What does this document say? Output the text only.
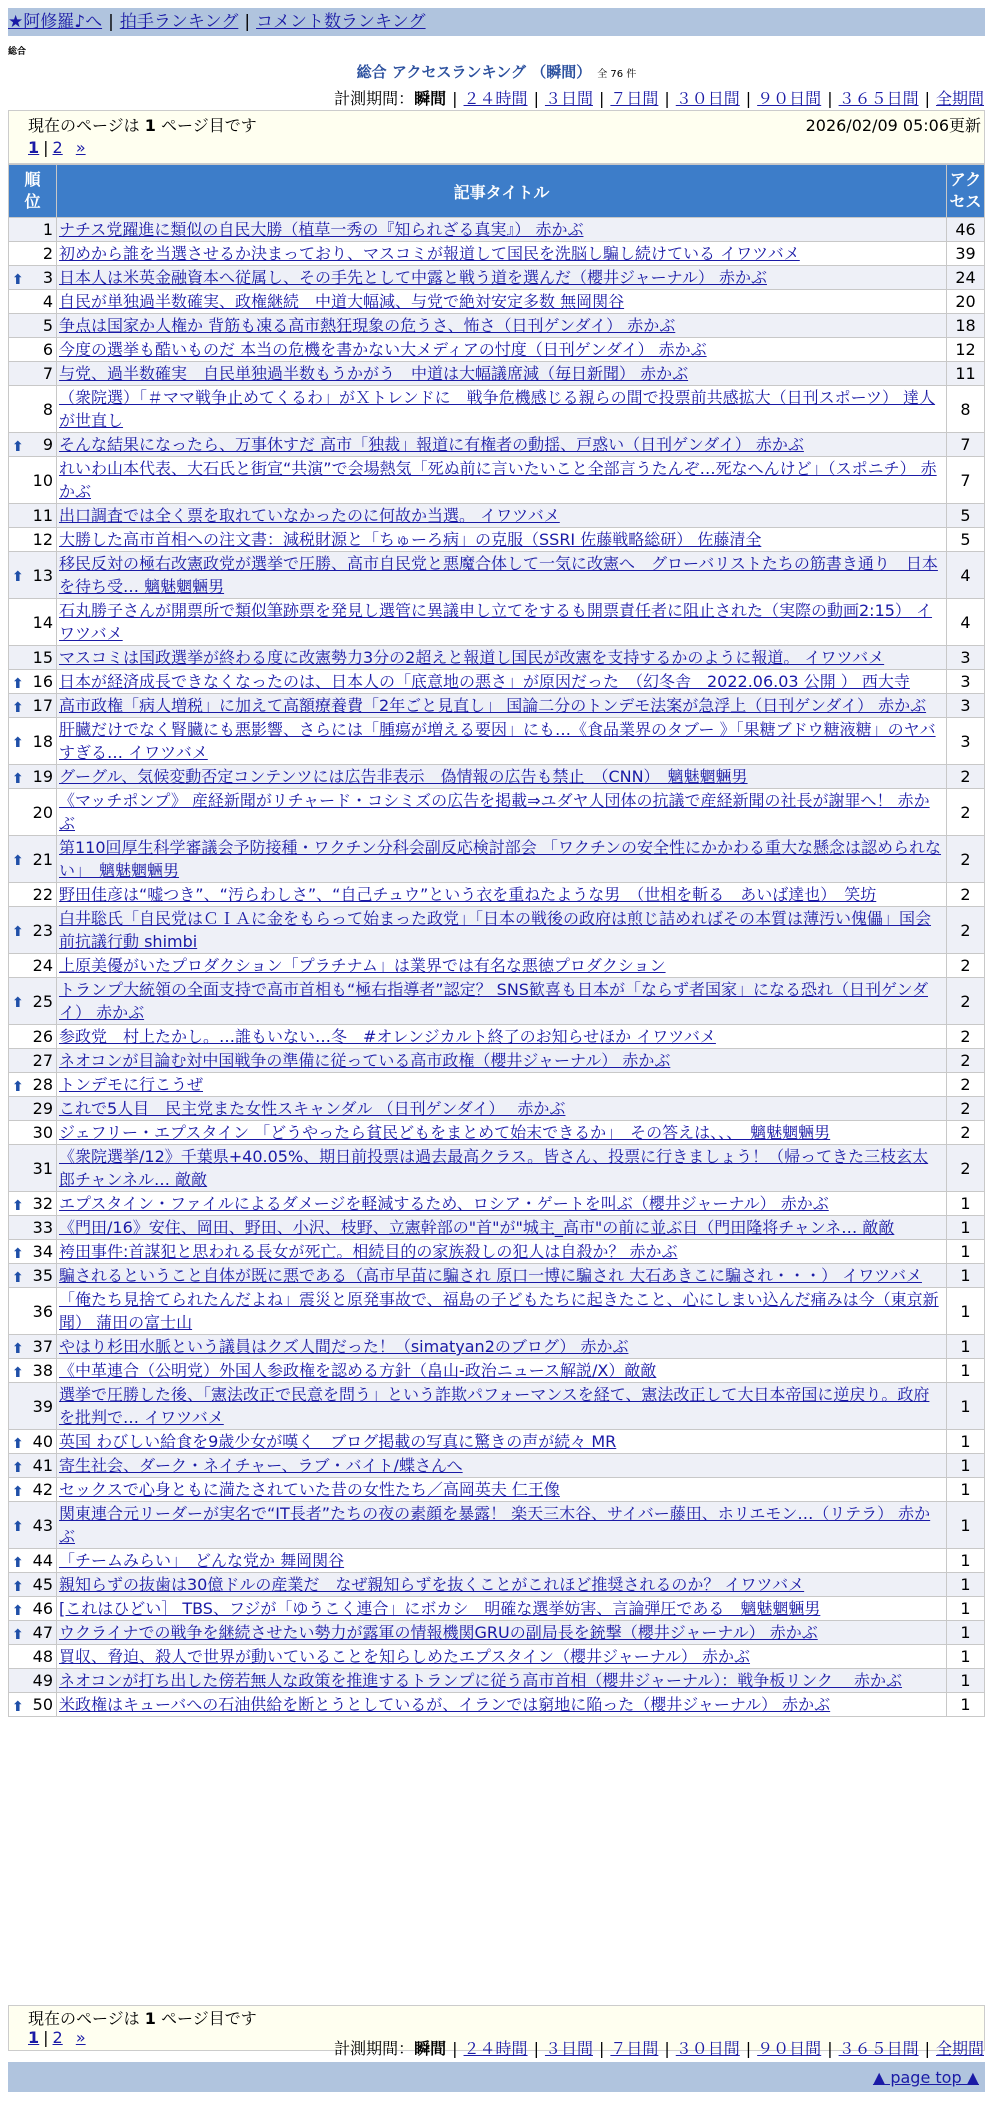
★阿修羅♪へ | 拍手ランキング | コメント数ランキング
総合
総合 アクセスランキング （瞬間） 全 76 件
計測期間：瞬間 | ２４時間 | ３日間 | ７日間 | ３０日間 | ９０日間 | ３６５日間 | 全期間
現在のページは 1 ページ目です	2026/02/09 05:06更新
1 | 2 »
順位	記事タイトル	アクセス

1	ナチス党躍進に類似の自民大勝（植草一秀の『知られざる真実』） 赤かぶ	46
2	初めから誰を当選させるか決まっており、マスコミが報道して国民を洗脳し騙し続けている イワツバメ	39

⬆ 3	日本人は米英金融資本へ従属し、その手先として中露と戦う道を選んだ（櫻井ジャーナル） 赤かぶ	24
4	自民が単独過半数確実、政権継続　中道大幅減、与党で絶対安定多数 無岡関谷	20
5	争点は国家か人権か 背筋も凍る高市熱狂現象の危うさ、怖さ（日刊ゲンダイ） 赤かぶ	18
6	今度の選挙も酷いものだ 本当の危機を書かない大メディアの忖度（日刊ゲンダイ） 赤かぶ	12
7	与党、過半数確実　自民単独過半数もうかがう　中道は大幅議席減（毎日新聞） 赤かぶ	11
8	（衆院選）「＃ママ戦争止めてくるわ」がＸトレンドに　戦争危機感じる親らの間で投票前共感拡大（日刊スポーツ） 達人が世直し	8

⬆ 9	そんな結果になったら、万事休すだ 高市「独裁」報道に有権者の動揺、戸惑い（日刊ゲンダイ） 赤かぶ	7
10	れいわ山本代表、大石氏と街宣“共演”で会場熱気「死ぬ前に言いたいこと全部言うたんぞ…死なへんけど」（スポニチ） 赤かぶ	7
11	出口調査では全く票を取れていなかったのに何故か当選。 イワツバメ	5
12	大勝した高市首相への注文書：減税財源と「ちゅーろ病」の克服（SSRI 佐藤戦略総研） 佐藤清全	5

⬆ 13	移民反対の極右改憲政党が選挙で圧勝、高市自民党と悪魔合体して一気に改憲へ　グローバリストたちの筋書き通り　日本を待ち受… 魑魅魍魎男	4
14	石丸勝子さんが開票所で類似筆跡票を発見し選管に異議申し立てをするも開票責任者に阻止された（実際の動画2:15） イワツバメ	4
15	マスコミは国政選挙が終わる度に改憲勢力3分の2超えと報道し国民が改憲を支持するかのように報道。 イワツバメ	3

⬆ 16	日本が経済成長できなくなったのは、日本人の「底意地の悪さ」が原因だった　（幻冬舎　2022.06.03 公開 ） 西大寺	3

⬆ 17	高市政権「病人増税」に加えて高額療養費「2年ごと見直し」 国論二分のトンデモ法案が急浮上（日刊ゲンダイ） 赤かぶ	3

⬆ 18	肝臓だけでなく腎臓にも悪影響、さらには「腫瘍が増える要因」にも…《食品業界のタブー 》「果糖ブドウ糖液糖」のヤバすぎる… イワツバメ	3

⬆ 19	グーグル、気候変動否定コンテンツには広告非表示　偽情報の広告も禁止　（CNN）　魑魅魍魎男	2
20	《マッチポンプ》 産経新聞がリチャード・コシミズの広告を掲載⇒ユダヤ人団体の抗議で産経新聞の社長が謝罪へ！ 赤かぶ	2

⬆ 21	第110回厚生科学審議会予防接種・ワクチン分科会副反応検討部会 「ワクチンの安全性にかかわる重大な懸念は認められない」　魑魅魍魎男	2
22	野田佳彦は“嘘つき”、“汚らわしさ”、“自己チュウ”という衣を重ねたような男　（世相を斬る　あいば達也）　笑坊	2

⬆ 23	白井聡氏「自民党はＣＩＡに金をもらって始まった政党」「日本の戦後の政府は煎じ詰めればその本質は薄汚い傀儡」国会前抗議行動 shimbi	2
24	上原美優がいたプロダクション「プラチナム」は業界では有名な悪徳プロダクション	2

⬆ 25	トランプ大統領の全面支持で高市首相も“極右指導者”認定？ SNS歓喜も日本が「ならず者国家」になる恐れ（日刊ゲンダイ） 赤かぶ	2
26	参政党　村上たかし。…誰もいない…冬　#オレンジカルト終了のお知らせほか イワツバメ	2
27	ネオコンが目論む対中国戦争の準備に従っている高市政権（櫻井ジャーナル） 赤かぶ	2

⬆ 28	トンデモに行こうぜ	2
29	これで5人目　民主党また女性スキャンダル （日刊ゲンダイ）　 赤かぶ	2
30	ジェフリー・エプスタイン 「どうやったら貧民どもをまとめて始末できるか」　その答えは、、、　魑魅魍魎男	2
31	《衆院選挙/12》千葉県+40.05%、期日前投票は過去最高クラス。皆さん、投票に行きましょう！（帰ってきた三枝玄太郎チャンネル… 敵敵	2

⬆ 32	エプスタイン・ファイルによるダメージを軽減するため、ロシア・ゲートを叫ぶ（櫻井ジャーナル） 赤かぶ	1
33	《門田/16》安住、岡田、野田、小沢、枝野、立憲幹部の"首"が"城主_高市"の前に並ぶ日（門田隆将チャンネ… 敵敵	1

⬆ 34	袴田事件:首謀犯と思われる長女が死亡。相続目的の家族殺しの犯人は自殺か？ 赤かぶ	1

⬆ 35	騙されるということ自体が既に悪である（高市早苗に騙され 原口一博に騙され 大石あきこに騙され・・・） イワツバメ	1
36	「俺たち見捨てられたんだよね」震災と原発事故で、福島の子どもたちに起きたこと、心にしまい込んだ痛みは今（東京新聞） 蒲田の富士山	1

⬆ 37	やはり杉田水脈という議員はクズ人間だった！（simatyan2のブログ） 赤かぶ	1

⬆ 38	《中革連合（公明党）外国人参政権を認める方針（畠山-政治ニュース解説/X）敵敵	1
39	選挙で圧勝した後、「憲法改正で民意を問う」という詐欺パフォーマンスを経て、憲法改正して大日本帝国に逆戻り。政府を批判で… イワツバメ	1

⬆ 40	英国 わびしい給食を9歳少女が嘆く　ブログ掲載の写真に驚きの声が続々 MR	1

⬆ 41	寄生社会、ダーク・ネイチャー、ラブ・バイト/蝶さんへ	1

⬆ 42	セックスで心身ともに満たされていた昔の女性たち／高岡英夫 仁王像	1

⬆ 43	関東連合元リーダーが実名で“IT長者”たちの夜の素顔を暴露！ 楽天三木谷、サイバー藤田、ホリエモン…（リテラ） 赤かぶ	1

⬆ 44	「チームみらい」　どんな党か 舞岡関谷	1

⬆ 45	親知らずの抜歯は30億ドルの産業だ　なぜ親知らずを抜くことがこれほど推奨されるのか？ イワツバメ	1

⬆ 46	[これはひどい］ TBS、フジが「ゆうこく連合」にボカシ　明確な選挙妨害、言論弾圧である　魑魅魍魎男	1

⬆ 47	ウクライナでの戦争を継続させたい勢力が露軍の情報機関GRUの副局長を銃撃（櫻井ジャーナル） 赤かぶ	1
48	買収、脅迫、殺人で世界が動いていることを知らしめたエプスタイン（櫻井ジャーナル） 赤かぶ	1
49	ネオコンが打ち出した傍若無人な政策を推進するトランプに従う高市首相（櫻井ジャーナル）：戦争板リンク　 赤かぶ	1

⬆ 50	米政権はキューバへの石油供給を断とうとしているが、イランでは窮地に陥った（櫻井ジャーナル） 赤かぶ	1
現在のページは 1 ページ目です
1 | 2 »
計測期間：瞬間 | ２４時間 | ３日間 | ７日間 | ３０日間 | ９０日間 | ３６５日間 | 全期間
▲ page top ▲
